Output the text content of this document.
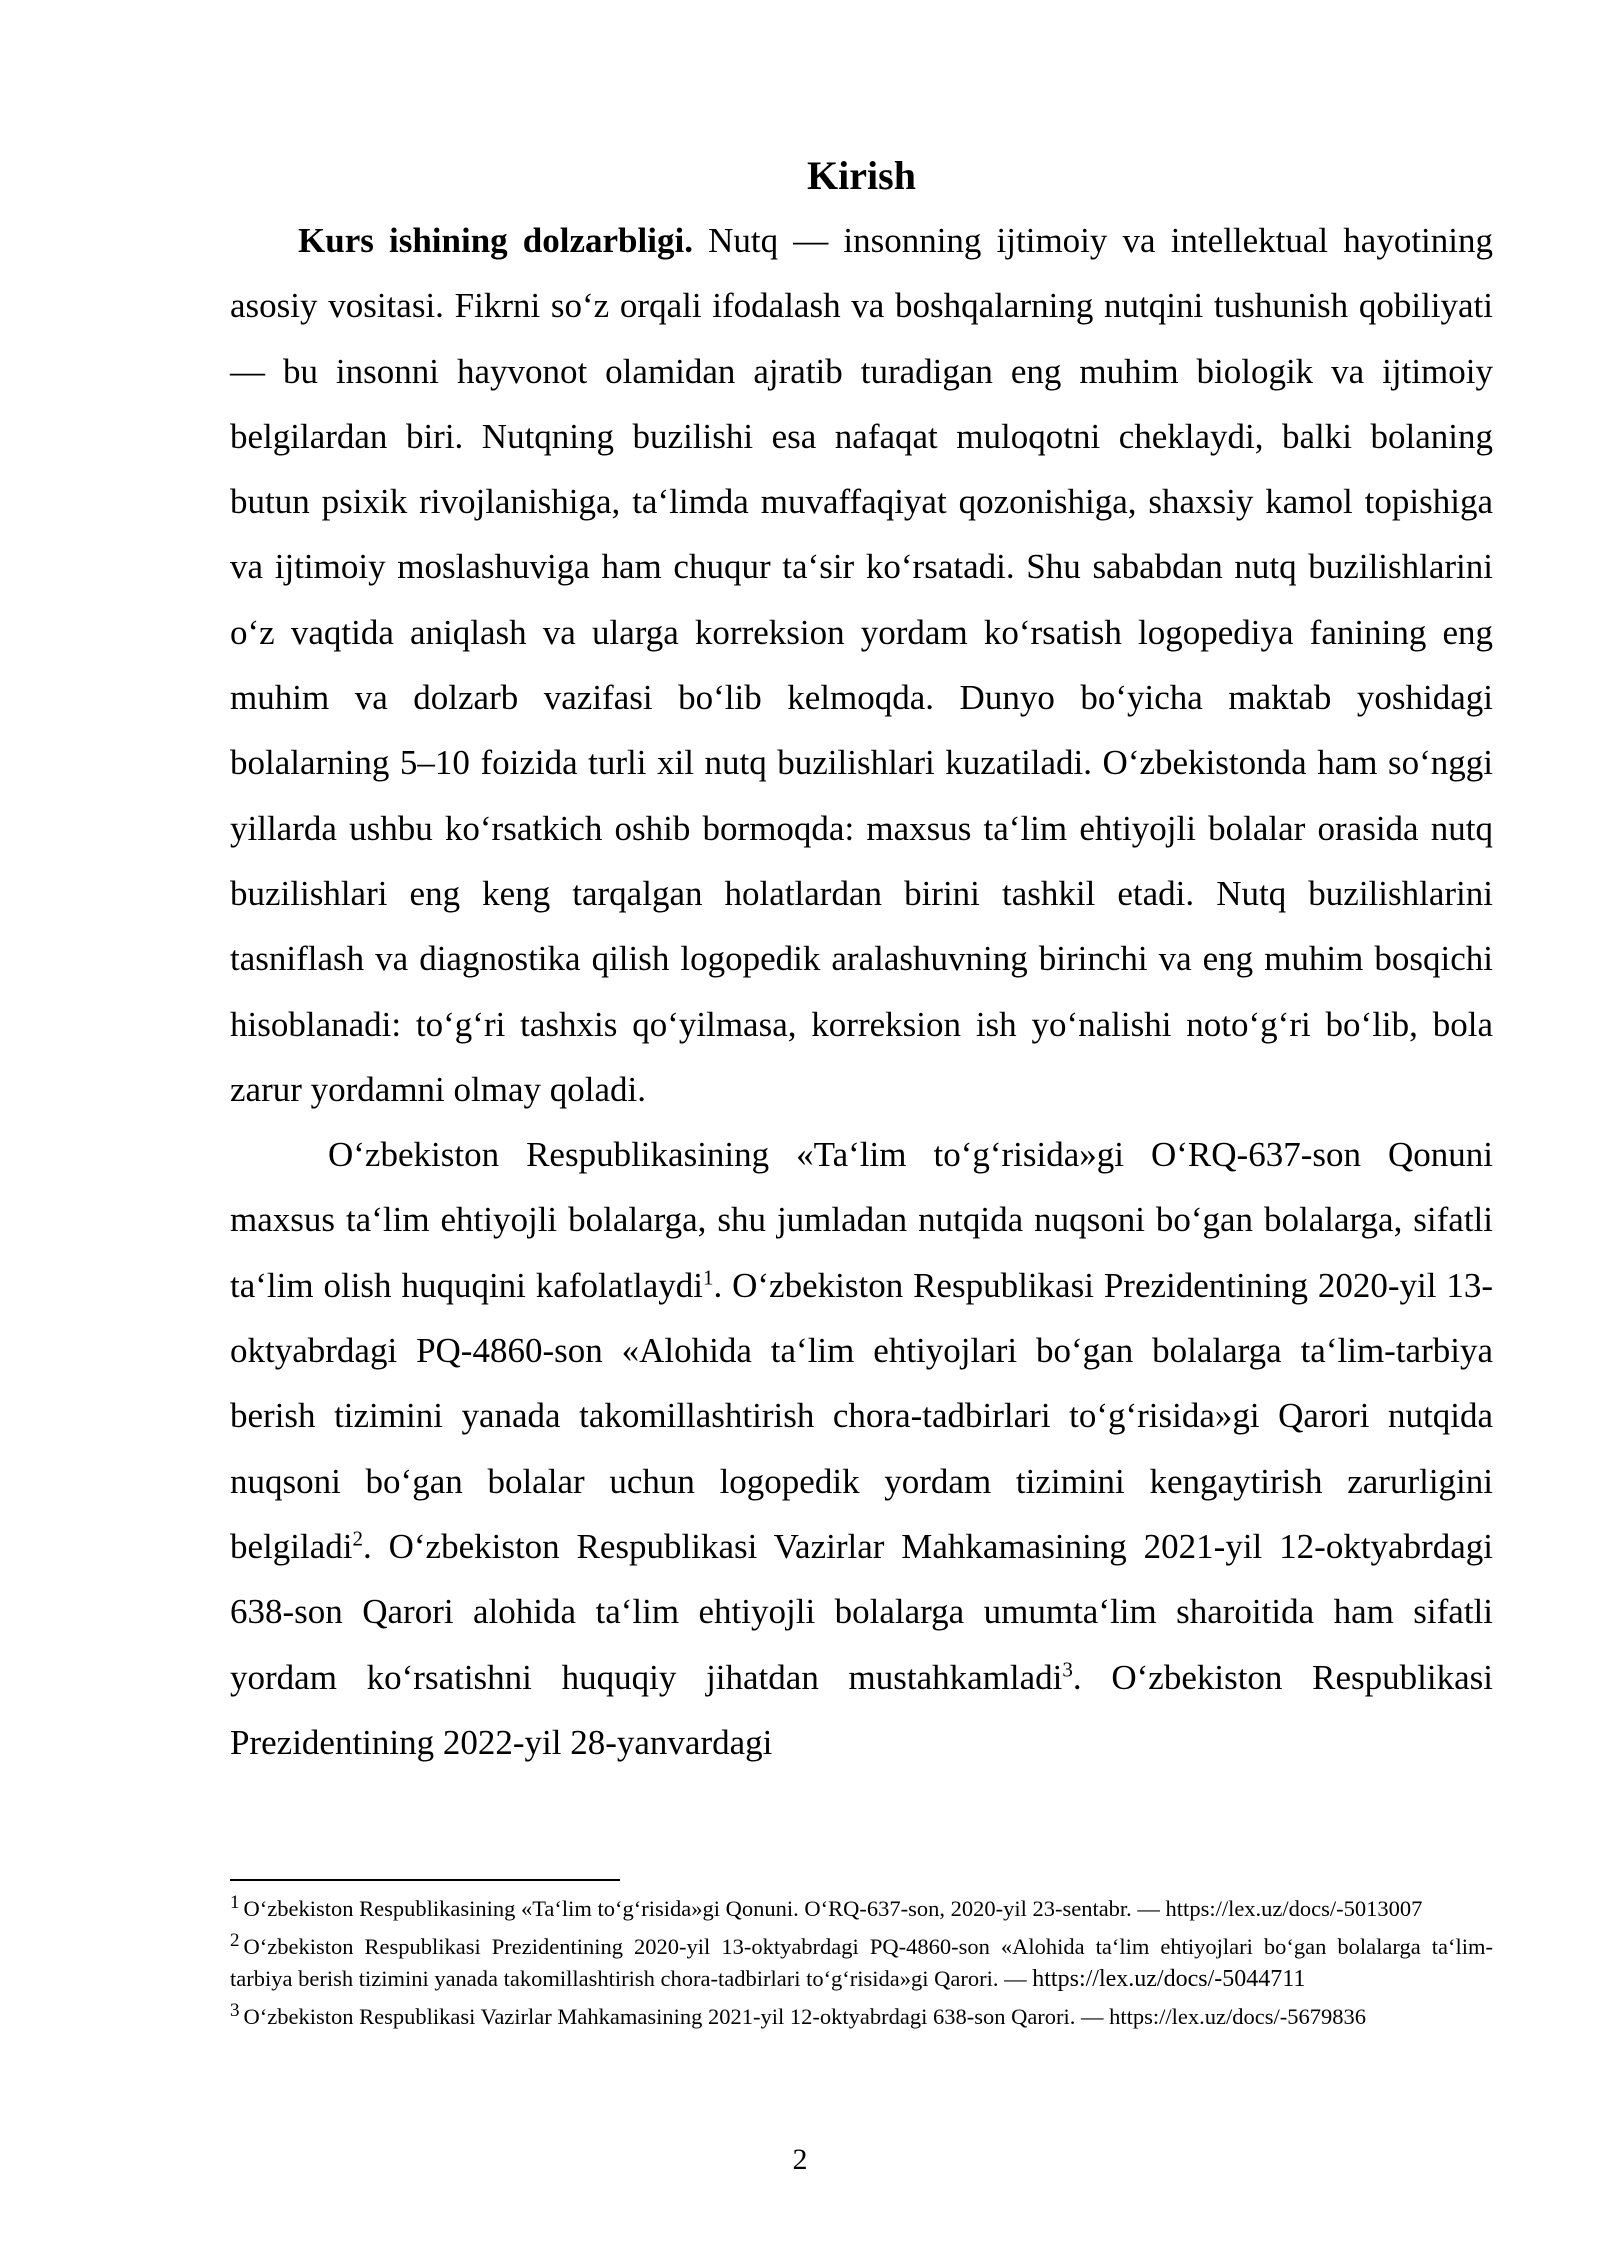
Kirish

Kurs ishining dolzarbligi. Nutq — insonning ijtimoiy va intellektual hayotining asosiy vositasi. Fikrni so‘z orqali ifodalash va boshqalarning nutqini tushunish qobiliyati — bu insonni hayvonot olamidan ajratib turadigan eng muhim biologik va ijtimoiy belgilardan biri. Nutqning buzilishi esa nafaqat muloqotni cheklaydi, balki bolaning butun psixik rivojlanishiga, ta‘limda muvaffaqiyat qozonishiga, shaxsiy kamol topishiga va ijtimoiy moslashuviga ham chuqur ta‘sir ko‘rsatadi. Shu sababdan nutq buzilishlarini o‘z vaqtida aniqlash va ularga korreksion yordam ko‘rsatish logopediya fanining eng muhim va dolzarb vazifasi bo‘lib kelmoqda. Dunyo bo‘yicha maktab yoshidagi bolalarning 5–10 foizida turli xil nutq buzilishlari kuzatiladi. O‘zbekistonda ham so‘nggi yillarda ushbu ko‘rsatkich oshib bormoqda: maxsus ta‘lim ehtiyojli bolalar orasida nutq buzilishlari eng keng tarqalgan holatlardan birini tashkil etadi. Nutq buzilishlarini tasniflash va diagnostika qilish logopedik aralashuvning birinchi va eng muhim bosqichi hisoblanadi: to‘g‘ri tashxis qo‘yilmasa, korreksion ish yo‘nalishi noto‘g‘ri bo‘lib, bola zarur yordamni olmay qoladi.

O‘zbekiston Respublikasining «Ta‘lim to‘g‘risida»gi O‘RQ-637-son Qonuni maxsus ta‘lim ehtiyojli bolalarga, shu jumladan nutqida nuqsoni bo‘gan bolalarga, sifatli ta‘lim olish huquqini kafolatlaydi$^1$. O‘zbekiston Respublikasi Prezidentining 2020-yil 13-oktyabrdagi PQ-4860-son «Alohida ta‘lim ehtiyojlari bo‘gan bolalarga ta‘lim-tarbiya berish tizimini yanada takomillashtirish chora-tadbirlari to‘g‘risida»gi Qarori nutqida nuqsoni bo‘gan bolalar uchun logopedik yordam tizimini kengaytirish zarurligini belgiladi$^2$. O‘zbekiston Respublikasi Vazirlar Mahkamasining 2021-yil 12-oktyabrdagi 638-son Qarori alohida ta‘lim ehtiyojli bolalarga umumta‘lim sharoitida ham sifatli yordam ko‘rsatishni huquqiy jihatdan mustahkamladi$^3$. O‘zbekiston Respublikasi Prezidentining 2022-yil 28-yanvardagi

$^1$ O‘zbekiston Respublikasining «Ta‘lim to‘g‘risida»gi Qonuni. O‘RQ-637-son, 2020-yil 23-sentabr. — https://lex.uz/docs/-5013007

$^2$ O‘zbekiston Respublikasi Prezidentining 2020-yil 13-oktyabrdagi PQ-4860-son «Alohida ta‘lim ehtiyojlari bo‘gan bolalarga ta‘lim-tarbiya berish tizimini yanada takomillashtirish chora-tadbirlari to‘g‘risida»gi Qarori. — https://lex.uz/docs/-5044711

$^3$ O‘zbekiston Respublikasi Vazirlar Mahkamasining 2021-yil 12-oktyabrdagi 638-son Qarori. — https://lex.uz/docs/-5679836

2
